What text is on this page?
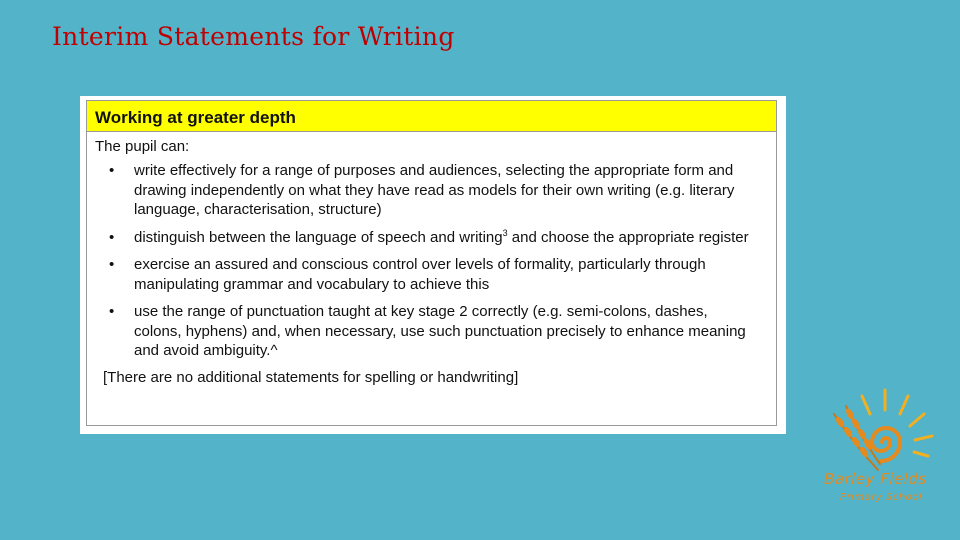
Interim Statements for Writing
Working at greater depth
The pupil can:
• write effectively for a range of purposes and audiences, selecting the appropriate form and drawing independently on what they have read as models for their own writing (e.g. literary language, characterisation, structure)
• distinguish between the language of speech and writing$^3$ and choose the appropriate register
• exercise an assured and conscious control over levels of formality, particularly through manipulating grammar and vocabulary to achieve this
• use the range of punctuation taught at key stage 2 correctly (e.g. semi-colons, dashes, colons, hyphens) and, when necessary, use such punctuation precisely to enhance meaning and avoid ambiguity.^
[There are no additional statements for spelling or handwriting]

Barley Fields

Primary School
